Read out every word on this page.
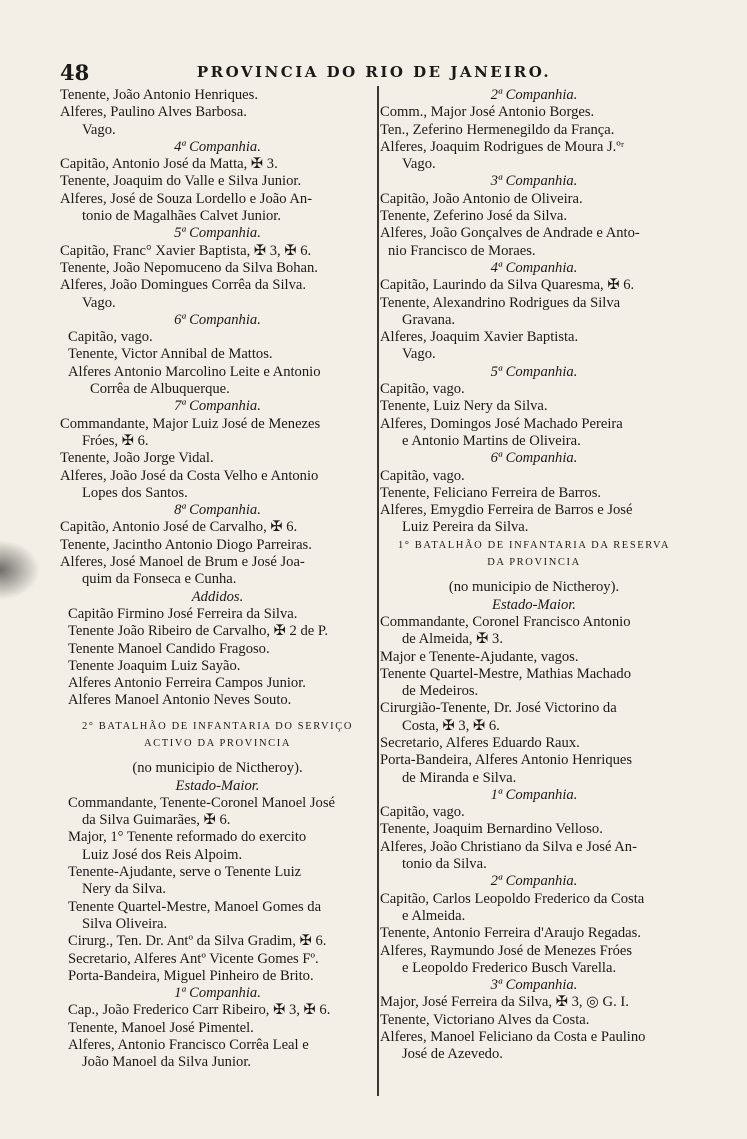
48	PROVINCIA DO RIO DE JANEIRO.
Tenente, João Antonio Henriques.
Alferes, Paulino Alves Barbosa.
Vago.
4ª Companhia.
Capitão, Antonio José da Matta, ✠ 3.
Tenente, Joaquim do Valle e Silva Junior.
Alferes, José de Souza Lordello e João An-
tonio de Magalhães Calvet Junior.
5ª Companhia.
Capitão, Franc° Xavier Baptista, ✠ 3, ✠ 6.
Tenente, João Nepomuceno da Silva Bohan.
Alferes, João Domingues Corrêa da Silva.
Vago.
6ª Companhia.
Capitão, vago.
Tenente, Victor Annibal de Mattos.
Alferes Antonio Marcolino Leite e Antonio
Corrêa de Albuquerque.
7ª Companhia.
Commandante, Major Luiz José de Menezes
Fróes, ✠ 6.
Tenente, João Jorge Vidal.
Alferes, João José da Costa Velho e Antonio
Lopes dos Santos.
8ª Companhia.
Capitão, Antonio José de Carvalho, ✠ 6.
Tenente, Jacintho Antonio Diogo Parreiras.
Alferes, José Manoel de Brum e José Joa-
quim da Fonseca e Cunha.
Addidos.
Capitão Firmino José Ferreira da Silva.
Tenente João Ribeiro de Carvalho, ✠ 2 de P.
Tenente Manoel Candido Fragoso.
Tenente Joaquim Luiz Sayão.
Alferes Antonio Ferreira Campos Junior.
Alferes Manoel Antonio Neves Souto.
2° BATALHÃO DE INFANTARIA DO SERVIÇO
ACTIVO DA PROVINCIA
(no municipio de Nictheroy).
Estado-Maior.
Commandante, Tenente-Coronel Manoel José
da Silva Guimarães, ✠ 6.
Major, 1° Tenente reformado do exercito
Luiz José dos Reis Alpoim.
Tenente-Ajudante, serve o Tenente Luiz
Nery da Silva.
Tenente Quartel-Mestre, Manoel Gomes da
Silva Oliveira.
Cirurg., Ten. Dr. Antº da Silva Gradim, ✠ 6.
Secretario, Alferes Antº Vicente Gomes Fº.
Porta-Bandeira, Miguel Pinheiro de Brito.
1ª Companhia.
Cap., João Frederico Carr Ribeiro, ✠ 3, ✠ 6.
Tenente, Manoel José Pimentel.
Alferes, Antonio Francisco Corrêa Leal e
João Manoel da Silva Junior.
2ª Companhia.
Comm., Major José Antonio Borges.
Ten., Zeferino Hermenegildo da França.
Alferes, Joaquim Rodrigues de Moura J.ºʳ
Vago.
3ª Companhia.
Capitão, João Antonio de Oliveira.
Tenente, Zeferino José da Silva.
Alferes, João Gonçalves de Andrade e Anto-
nio Francisco de Moraes.
4ª Companhia.
Capitão, Laurindo da Silva Quaresma, ✠ 6.
Tenente, Alexandrino Rodrigues da Silva
Gravana.
Alferes, Joaquim Xavier Baptista.
Vago.
5ª Companhia.
Capitão, vago.
Tenente, Luiz Nery da Silva.
Alferes, Domingos José Machado Pereira
e Antonio Martins de Oliveira.
6ª Companhia.
Capitão, vago.
Tenente, Feliciano Ferreira de Barros.
Alferes, Emygdio Ferreira de Barros e José
Luiz Pereira da Silva.
1° BATALHÃO DE INFANTARIA DA RESERVA
DA PROVINCIA
(no municipio de Nictheroy).
Estado-Maior.
Commandante, Coronel Francisco Antonio
de Almeida, ✠ 3.
Major e Tenente-Ajudante, vagos.
Tenente Quartel-Mestre, Mathias Machado
de Medeiros.
Cirurgião-Tenente, Dr. José Victorino da
Costa, ✠ 3, ✠ 6.
Secretario, Alferes Eduardo Raux.
Porta-Bandeira, Alferes Antonio Henriques
de Miranda e Silva.
1ª Companhia.
Capitão, vago.
Tenente, Joaquim Bernardino Velloso.
Alferes, João Christiano da Silva e José An-
tonio da Silva.
2ª Companhia.
Capitão, Carlos Leopoldo Frederico da Costa
e Almeida.
Tenente, Antonio Ferreira d'Araujo Regadas.
Alferes, Raymundo José de Menezes Fróes
e Leopoldo Frederico Busch Varella.
3ª Companhia.
Major, José Ferreira da Silva, ✠ 3, ◎ G. I.
Tenente, Victoriano Alves da Costa.
Alferes, Manoel Feliciano da Costa e Paulino
José de Azevedo.
